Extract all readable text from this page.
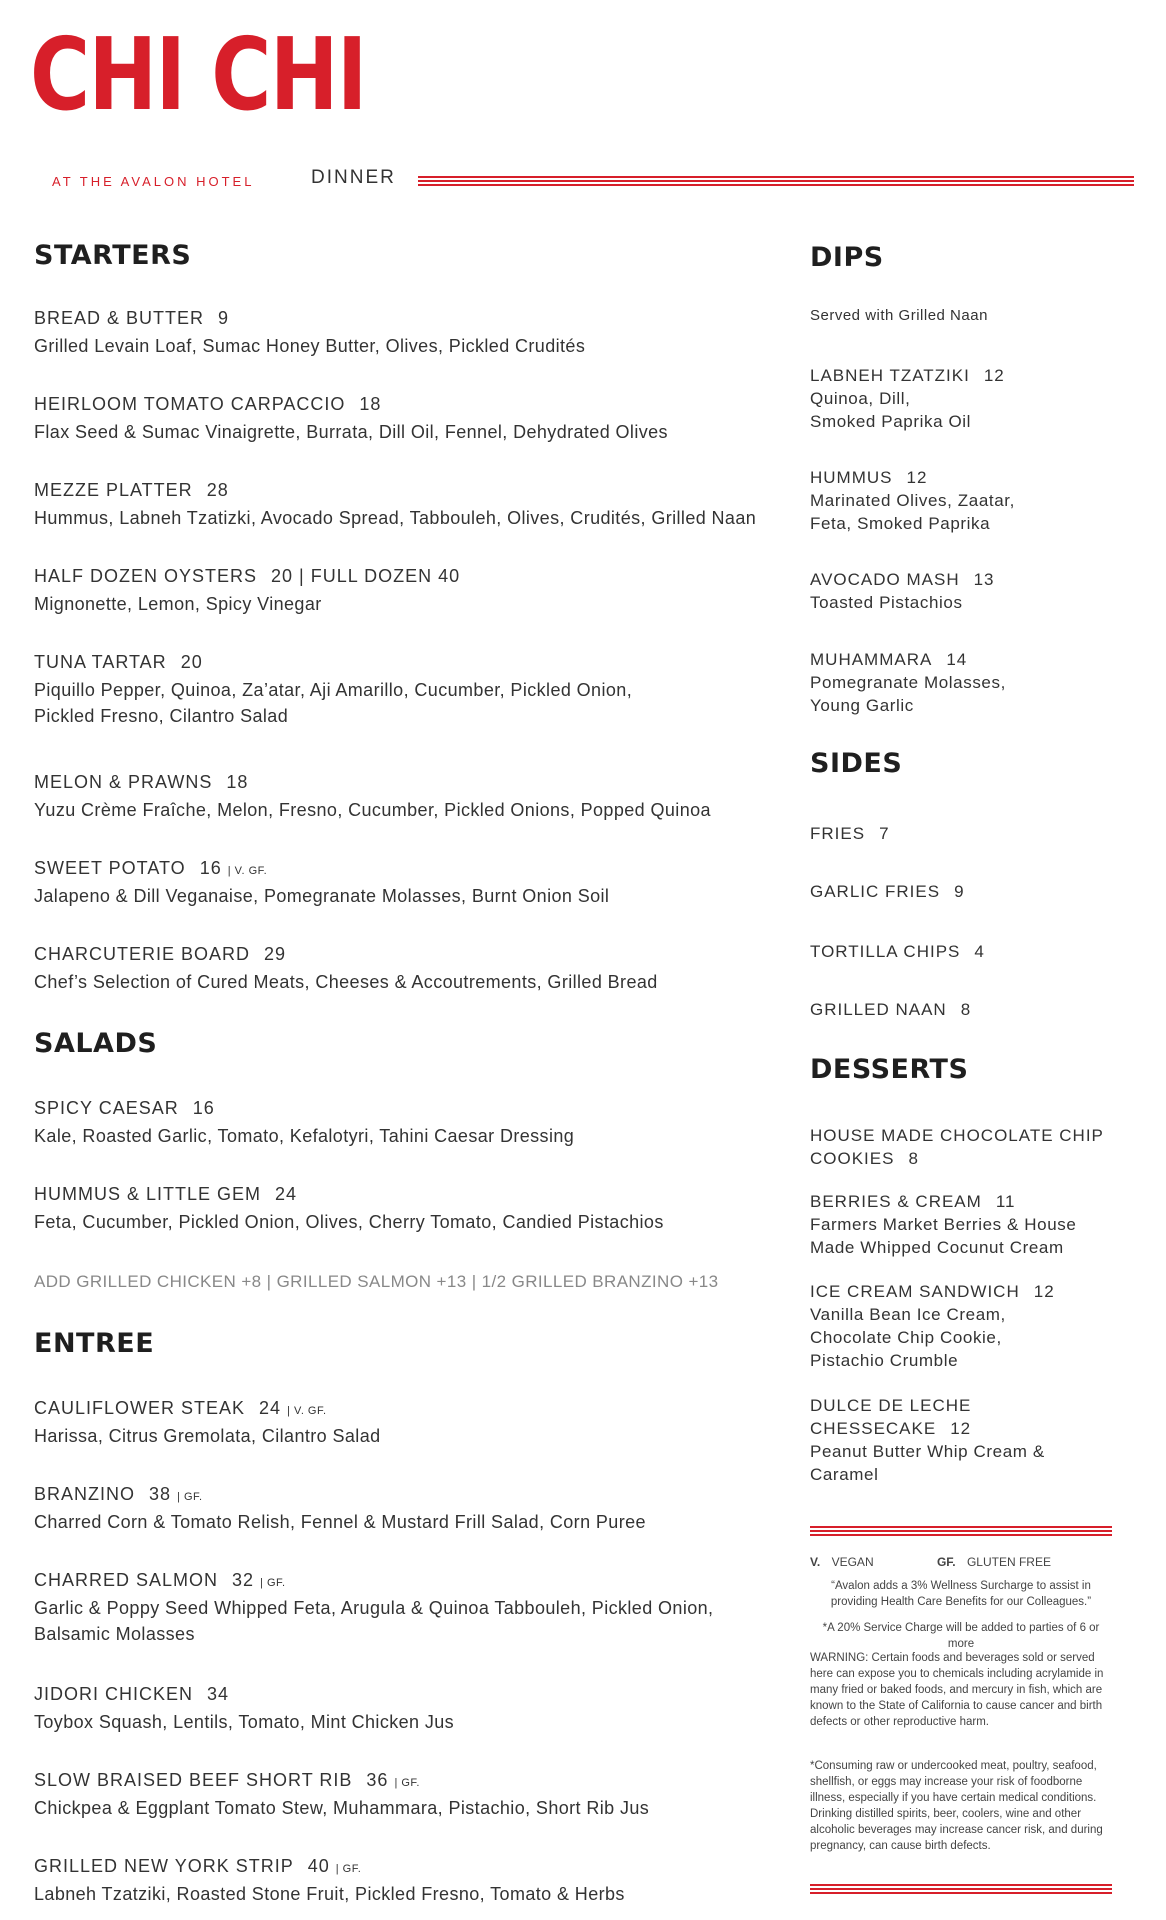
CHI CHI
AT THE AVALON HOTEL	DINNER
STARTERS
BREAD & BUTTER 9
Grilled Levain Loaf, Sumac Honey Butter, Olives, Pickled Crudités
HEIRLOOM TOMATO CARPACCIO 18
Flax Seed & Sumac Vinaigrette, Burrata, Dill Oil, Fennel, Dehydrated Olives
MEZZE PLATTER 28
Hummus, Labneh Tzatizki, Avocado Spread, Tabbouleh, Olives, Crudités, Grilled Naan
HALF DOZEN OYSTERS 20 | FULL DOZEN 40
Mignonette, Lemon, Spicy Vinegar
TUNA TARTAR 20
Piquillo Pepper, Quinoa, Za’atar, Aji Amarillo, Cucumber, Pickled Onion,
Pickled Fresno, Cilantro Salad
MELON & PRAWNS 18
Yuzu Crème Fraîche, Melon, Fresno, Cucumber, Pickled Onions, Popped Quinoa
SWEET POTATO 16 | V. GF.
Jalapeno & Dill Veganaise, Pomegranate Molasses, Burnt Onion Soil
CHARCUTERIE BOARD 29
Chef’s Selection of Cured Meats, Cheeses & Accoutrements, Grilled Bread
SALADS
SPICY CAESAR 16
Kale, Roasted Garlic, Tomato, Kefalotyri, Tahini Caesar Dressing
HUMMUS & LITTLE GEM 24
Feta, Cucumber, Pickled Onion, Olives, Cherry Tomato, Candied Pistachios
ADD GRILLED CHICKEN +8 | GRILLED SALMON +13 | 1/2 GRILLED BRANZINO +13
ENTREE
CAULIFLOWER STEAK 24 | V. GF.
Harissa, Citrus Gremolata, Cilantro Salad
BRANZINO 38 | GF.
Charred Corn & Tomato Relish, Fennel & Mustard Frill Salad, Corn Puree
CHARRED SALMON 32 | GF.
Garlic & Poppy Seed Whipped Feta, Arugula & Quinoa Tabbouleh, Pickled Onion,
Balsamic Molasses
JIDORI CHICKEN 34
Toybox Squash, Lentils, Tomato, Mint Chicken Jus
SLOW BRAISED BEEF SHORT RIB 36 | GF.
Chickpea & Eggplant Tomato Stew, Muhammara, Pistachio, Short Rib Jus
GRILLED NEW YORK STRIP 40 | GF.
Labneh Tzatziki, Roasted Stone Fruit, Pickled Fresno, Tomato & Herbs
DIPS
Served with Grilled Naan
LABNEH TZATZIKI 12
Quinoa, Dill,
Smoked Paprika Oil
HUMMUS 12
Marinated Olives, Zaatar,
Feta, Smoked Paprika
AVOCADO MASH 13
Toasted Pistachios
MUHAMMARA 14
Pomegranate Molasses,
Young Garlic
SIDES
FRIES 7
GARLIC FRIES 9
TORTILLA CHIPS 4
GRILLED NAAN 8
DESSERTS
HOUSE MADE CHOCOLATE CHIP
COOKIES 8
BERRIES & CREAM 11
Farmers Market Berries & House
Made Whipped Cocunut Cream
ICE CREAM SANDWICH 12
Vanilla Bean Ice Cream,
Chocolate Chip Cookie,
Pistachio Crumble
DULCE DE LECHE
CHESSECAKE 12
Peanut Butter Whip Cream &
Caramel
V. VEGAN	GF. GLUTEN FREE
“Avalon adds a 3% Wellness Surcharge to assist in providing Health Care Benefits for our Colleagues.”
*A 20% Service Charge will be added to parties of 6 or more
WARNING: Certain foods and beverages sold or served here can expose you to chemicals including acrylamide in many fried or baked foods, and mercury in fish, which are known to the State of California to cause cancer and birth defects or other reproductive harm.
*Consuming raw or undercooked meat, poultry, seafood, shellfish, or eggs may increase your risk of foodborne illness, especially if you have certain medical conditions. Drinking distilled spirits, beer, coolers, wine and other alcoholic beverages may increase cancer risk, and during pregnancy, can cause birth defects.
